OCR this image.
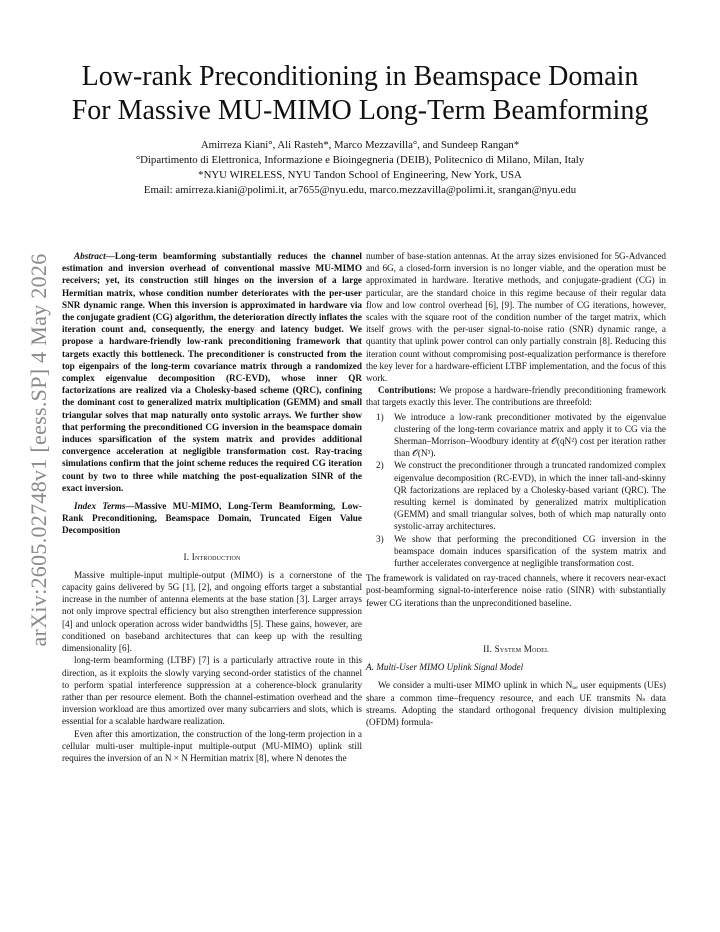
arXiv:2605.02748v1 [eess.SP] 4 May 2026
Low-rank Preconditioning in Beamspace Domain
For Massive MU-MIMO Long-Term Beamforming
Amirreza Kiani°, Ali Rasteh*, Marco Mezzavilla°, and Sundeep Rangan*
°Dipartimento di Elettronica, Informazione e Bioingegneria (DEIB), Politecnico di Milano, Milan, Italy
*NYU WIRELESS, NYU Tandon School of Engineering, New York, USA
Email: amirreza.kiani@polimi.it, ar7655@nyu.edu, marco.mezzavilla@polimi.it, srangan@nyu.edu

Abstract—Long-term beamforming substantially reduces the channel estimation and inversion overhead of conventional massive MU-MIMO receivers; yet, its construction still hinges on the inversion of a large Hermitian matrix, whose condition number deteriorates with the per-user SNR dynamic range. When this inversion is approximated in hardware via the conjugate gradient (CG) algorithm, the deterioration directly inflates the iteration count and, consequently, the energy and latency budget. We propose a hardware-friendly low-rank preconditioning framework that targets exactly this bottleneck. The preconditioner is constructed from the top eigenpairs of the long-term covariance matrix through a randomized complex eigenvalue decomposition (RC-EVD), whose inner QR factorizations are realized via a Cholesky-based scheme (QRC), confining the dominant cost to generalized matrix multiplication (GEMM) and small triangular solves that map naturally onto systolic arrays. We further show that performing the preconditioned CG inversion in the beamspace domain induces sparsification of the system matrix and provides additional convergence acceleration at negligible transformation cost. Ray-tracing simulations confirm that the joint scheme reduces the required CG iteration count by two to three while matching the post-equalization SINR of the exact inversion.

Index Terms—Massive MU-MIMO, Long-Term Beamforming, Low-Rank Preconditioning, Beamspace Domain, Truncated Eigen Value Decomposition

I. Introduction

Massive multiple-input multiple-output (MIMO) is a cornerstone of the capacity gains delivered by 5G [1], [2], and ongoing efforts target a substantial increase in the number of antenna elements at the base station [3]. Larger arrays not only improve spectral efficiency but also strengthen interference suppression [4] and unlock operation across wider bandwidths [5]. These gains, however, are conditioned on baseband architectures that can keep up with the resulting dimensionality [6].

long-term beamforming (LTBF) [7] is a particularly attractive route in this direction, as it exploits the slowly varying second-order statistics of the channel to perform spatial interference suppression at a coherence-block granularity rather than per resource element. Both the channel-estimation overhead and the inversion workload are thus amortized over many subcarriers and slots, which is essential for a scalable hardware realization.

Even after this amortization, the construction of the long-term projection in a cellular multi-user multiple-input multiple-output (MU-MIMO) uplink still requires the inversion of an N × N Hermitian matrix [8], where N denotes the

number of base-station antennas. At the array sizes envisioned for 5G-Advanced and 6G, a closed-form inversion is no longer viable, and the operation must be approximated in hardware. Iterative methods, and conjugate-gradient (CG) in particular, are the standard choice in this regime because of their regular data flow and low control overhead [6], [9]. The number of CG iterations, however, scales with the square root of the condition number of the target matrix, which itself grows with the per-user signal-to-noise ratio (SNR) dynamic range, a quantity that uplink power control can only partially constrain [8]. Reducing this iteration count without compromising post-equalization performance is therefore the key lever for a hardware-efficient LTBF implementation, and the focus of this work.

Contributions: We propose a hardware-friendly preconditioning framework that targets exactly this lever. The contributions are threefold:

1) We introduce a low-rank preconditioner motivated by the eigenvalue clustering of the long-term covariance matrix and apply it to CG via the Sherman–Morrison–Woodbury identity at 𝒪(qN²) cost per iteration rather than 𝒪(N³).
2) We construct the preconditioner through a truncated randomized complex eigenvalue decomposition (RC-EVD), in which the inner tall-and-skinny QR factorizations are replaced by a Cholesky-based variant (QRC). The resulting kernel is dominated by generalized matrix multiplication (GEMM) and small triangular solves, both of which map naturally onto systolic-array architectures.
3) We show that performing the preconditioned CG inversion in the beamspace domain induces sparsification of the system matrix and further accelerates convergence at negligible transformation cost.

The framework is validated on ray-traced channels, where it recovers near-exact post-beamforming signal-to-interference noise ratio (SINR) with substantially fewer CG iterations than the unpreconditioned baseline.

II. System Model

A. Multi-User MIMO Uplink Signal Model

We consider a multi-user MIMO uplink in which Nᵤₑ user equipments (UEs) share a common time–frequency resource, and each UE transmits Nₛ data streams. Adopting the standard orthogonal frequency division multiplexing (OFDM) formula-
